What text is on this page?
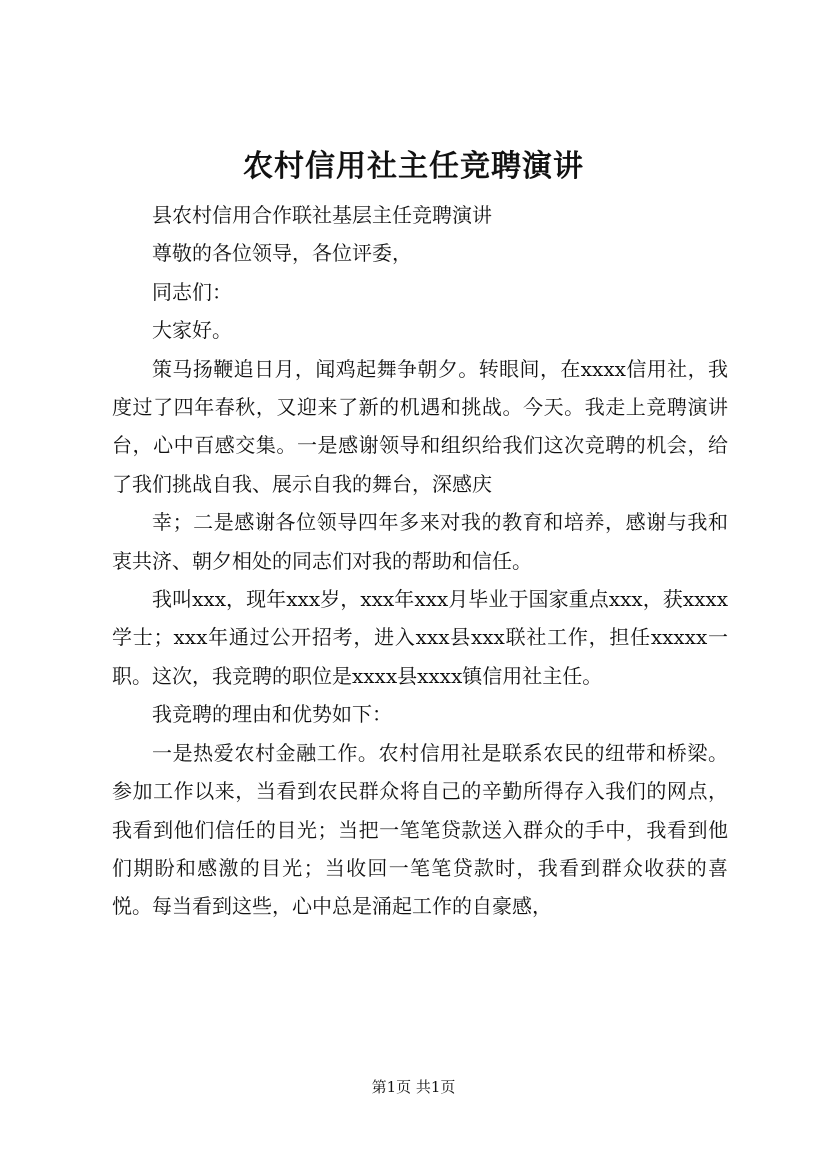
农村信用社主任竞聘演讲

县农村信用合作联社基层主任竞聘演讲

尊敬的各位领导，各位评委，

同志们：

大家好。

策马扬鞭追日月，闻鸡起舞争朝夕。转眼间，在xxxx信用社，我度过了四年春秋，又迎来了新的机遇和挑战。今天。我走上竞聘演讲台，心中百感交集。一是感谢领导和组织给我们这次竞聘的机会，给了我们挑战自我、展示自我的舞台，深感庆

幸；二是感谢各位领导四年多来对我的教育和培养，感谢与我和衷共济、朝夕相处的同志们对我的帮助和信任。

我叫xxx，现年xxx岁，xxx年xxx月毕业于国家重点xxx，获xxxx学士；xxx年通过公开招考，进入xxx县xxx联社工作，担任xxxxx一职。这次，我竞聘的职位是xxxx县xxxx镇信用社主任。

我竞聘的理由和优势如下：

一是热爱农村金融工作。农村信用社是联系农民的纽带和桥梁。参加工作以来，当看到农民群众将自己的辛勤所得存入我们的网点，我看到他们信任的目光；当把一笔笔贷款送入群众的手中，我看到他们期盼和感激的目光；当收回一笔笔贷款时，我看到群众收获的喜悦。每当看到这些，心中总是涌起工作的自豪感，

第1页 共1页
